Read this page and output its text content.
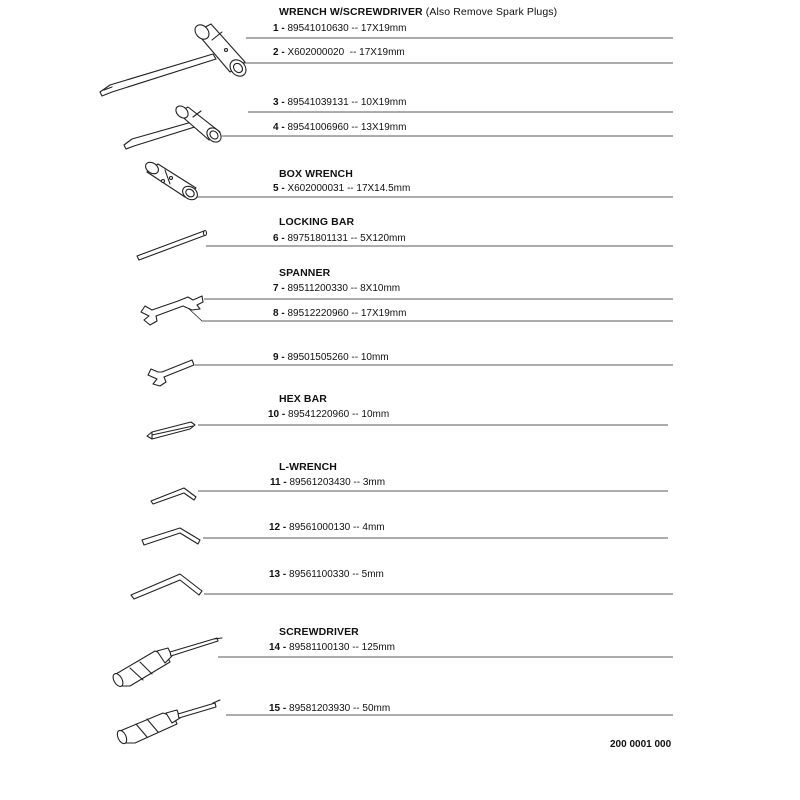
WRENCH W/SCREWDRIVER (Also Remove Spark Plugs)
BOX WRENCH
LOCKING BAR
SPANNER
HEX BAR
L-WRENCH
SCREWDRIVER
1 - 89541010630 -- 17X19mm
2 - X602000020  -- 17X19mm
3 - 89541039131 -- 10X19mm
4 - 89541006960 -- 13X19mm
5 - X602000031 -- 17X14.5mm
6 - 89751801131 -- 5X120mm
7 - 89511200330 -- 8X10mm
8 - 89512220960 -- 17X19mm
9 - 89501505260 -- 10mm
10 - 89541220960 -- 10mm
11 - 89561203430 -- 3mm
12 - 89561000130 -- 4mm
13 - 89561100330 -- 5mm
14 - 89581100130 -- 125mm
15 - 89581203930 -- 50mm
200 0001 000
